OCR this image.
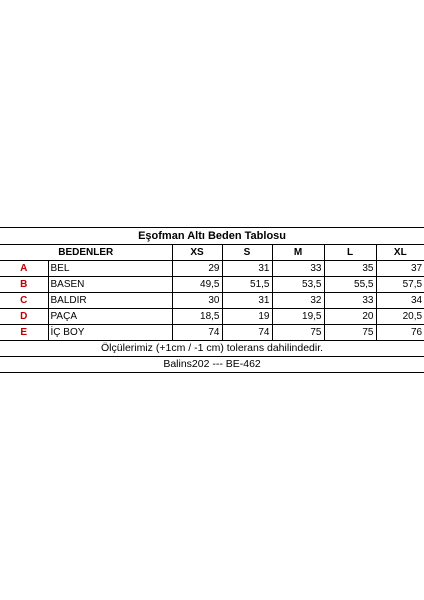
Eşofman Altı Beden Tablosu						
BEDENLER		XS	S	M	L	XL
A	BEL	29	31	33	35	37
B	BASEN	49,5	51,5	53,5	55,5	57,5
C	BALDIR	30	31	32	33	34
D	PAÇA	18,5	19	19,5	20	20,5
E	İÇ BOY	74	74	75	75	76
Ölçülerimiz (+1cm / -1 cm) tolerans dahilindedir.						
Balins202 --- BE-462						
